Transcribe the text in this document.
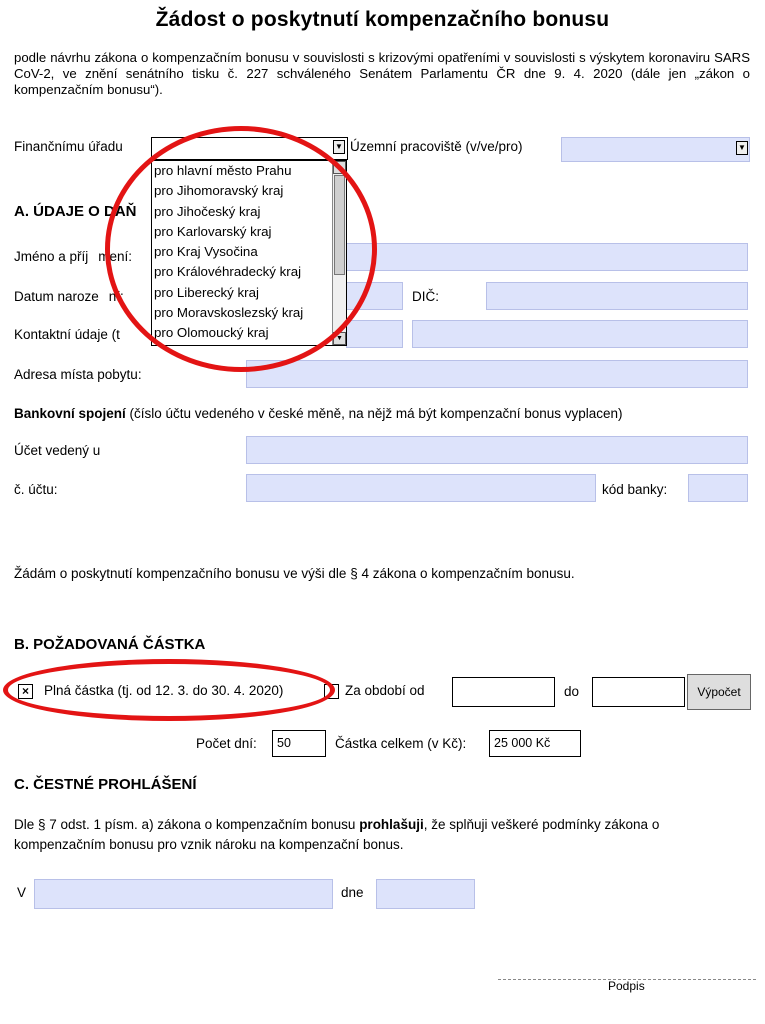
Žádost o poskytnutí kompenzačního bonusu
podle návrhu zákona o kompenzačním bonusu v souvislosti s krizovými opatřeními v souvislosti s výskytem koronaviru SARS CoV-2, ve znění senátního tisku č. 227 schváleného Senátem Parlamentu ČR dne 9. 4. 2020 (dále jen „zákon o kompenzačním bonusu“).
Finančnímu úřadu	▼ Územní pracoviště (v/ve/pro)	▼
A. ÚDAJE O DAŇ
Jméno a příj mení:
Datum naroze ní:	DIČ:
Kontaktní údaje (t
Adresa místa pobytu:
pro hlavní město Prahu
pro Jihomoravský kraj
pro Jihočeský kraj
pro Karlovarský kraj
pro Kraj Vysočina
pro Královéhradecký kraj
pro Liberecký kraj
pro Moravskoslezský kraj
pro Olomoucký kraj
▲
▼
Bankovní spojení (číslo účtu vedeného v české měně, na nějž má být kompenzační bonus vyplacen)
Účet vedený u
č. účtu:	kód banky:
Žádám o poskytnutí kompenzačního bonusu ve výši dle § 4 zákona o kompenzačním bonusu.
B. POŽADOVANÁ ČÁSTKA
× Plná částka (tj. od 12. 3. do 30. 4. 2020)	Za období od	do	Výpočet
Počet dní:	50	Částka celkem (v Kč):	25 000 Kč
C. ČESTNÉ PROHLÁŠENÍ
Dle § 7 odst. 1 písm. a) zákona o kompenzačním bonusu prohlašuji, že splňuji veškeré podmínky zákona o kompenzačním bonusu pro vznik nároku na kompenzační bonus.
V	dne
Podpis
